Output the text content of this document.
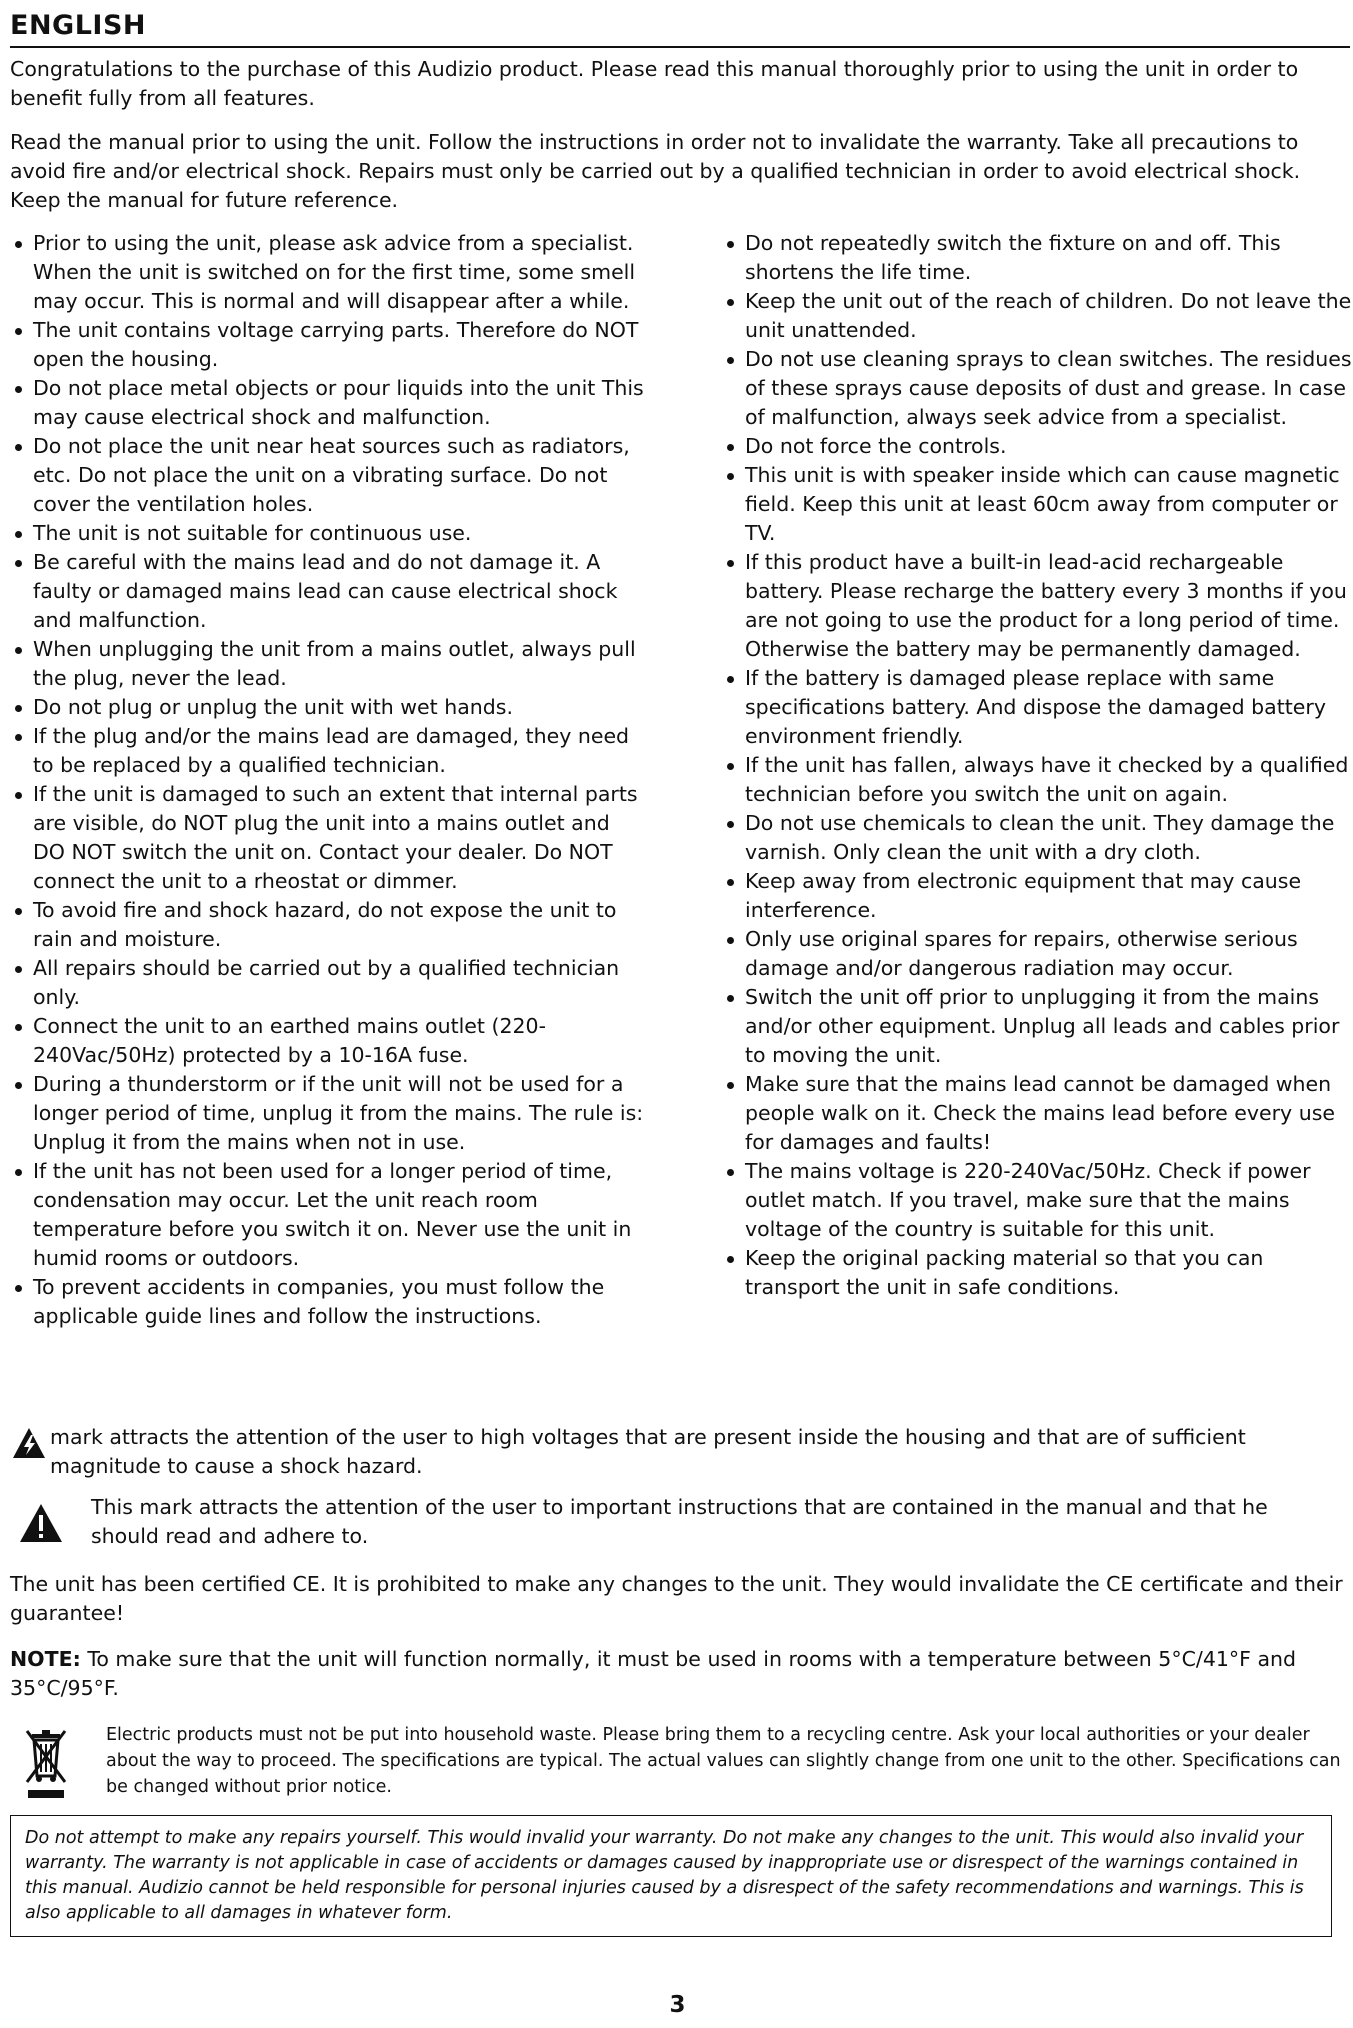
ENGLISH

Congratulations to the purchase of this Audizio product. Please read this manual thoroughly prior to using the unit in order to benefit fully from all features.

Read the manual prior to using the unit. Follow the instructions in order not to invalidate the warranty. Take all precautions to avoid fire and/or electrical shock. Repairs must only be carried out by a qualified technician in order to avoid electrical shock. Keep the manual for future reference.

Prior to using the unit, please ask advice from a specialist. When the unit is switched on for the first time, some smell may occur. This is normal and will disappear after a while.
The unit contains voltage carrying parts. Therefore do NOT open the housing.
Do not place metal objects or pour liquids into the unit This may cause electrical shock and malfunction.
Do not place the unit near heat sources such as radiators, etc. Do not place the unit on a vibrating surface. Do not cover the ventilation holes.
The unit is not suitable for continuous use.
Be careful with the mains lead and do not damage it. A faulty or damaged mains lead can cause electrical shock and malfunction.
When unplugging the unit from a mains outlet, always pull the plug, never the lead.
Do not plug or unplug the unit with wet hands.
If the plug and/or the mains lead are damaged, they need to be replaced by a qualified technician.
If the unit is damaged to such an extent that internal parts are visible, do NOT plug the unit into a mains outlet and DO NOT switch the unit on. Contact your dealer. Do NOT connect the unit to a rheostat or dimmer.
To avoid fire and shock hazard, do not expose the unit to rain and moisture.
All repairs should be carried out by a qualified technician only.
Connect the unit to an earthed mains outlet (220-240Vac/50Hz) protected by a 10-16A fuse.
During a thunderstorm or if the unit will not be used for a longer period of time, unplug it from the mains. The rule is: Unplug it from the mains when not in use.
If the unit has not been used for a longer period of time, condensation may occur. Let the unit reach room temperature before you switch it on. Never use the unit in humid rooms or outdoors.
To prevent accidents in companies, you must follow the applicable guide lines and follow the instructions.
Do not repeatedly switch the fixture on and off. This shortens the life time.
Keep the unit out of the reach of children. Do not leave the unit unattended.
Do not use cleaning sprays to clean switches. The residues of these sprays cause deposits of dust and grease. In case of malfunction, always seek advice from a specialist.
Do not force the controls.
This unit is with speaker inside which can cause magnetic field. Keep this unit at least 60cm away from computer or TV.
If this product have a built-in lead-acid rechargeable battery. Please recharge the battery every 3 months if you are not going to use the product for a long period of time. Otherwise the battery may be permanently damaged.
If the battery is damaged please replace with same specifications battery. And dispose the damaged battery environment friendly.
If the unit has fallen, always have it checked by a qualified technician before you switch the unit on again.
Do not use chemicals to clean the unit. They damage the varnish. Only clean the unit with a dry cloth.
Keep away from electronic equipment that may cause interference.
Only use original spares for repairs, otherwise serious damage and/or dangerous radiation may occur.
Switch the unit off prior to unplugging it from the mains and/or other equipment. Unplug all leads and cables prior to moving the unit.
Make sure that the mains lead cannot be damaged when people walk on it. Check the mains lead before every use for damages and faults!
The mains voltage is 220-240Vac/50Hz. Check if power outlet match. If you travel, make sure that the mains voltage of the country is suitable for this unit.
Keep the original packing material so that you can transport the unit in safe conditions.
mark attracts the attention of the user to high voltages that are present inside the housing and that are of sufficient magnitude to cause a shock hazard.
This mark attracts the attention of the user to important instructions that are contained in the manual and that he should read and adhere to.

The unit has been certified CE. It is prohibited to make any changes to the unit. They would invalidate the CE certificate and their guarantee!

NOTE: To make sure that the unit will function normally, it must be used in rooms with a temperature between 5°C/41°F and 35°C/95°F.

Electric products must not be put into household waste. Please bring them to a recycling centre. Ask your local authorities or your dealer about the way to proceed. The specifications are typical. The actual values can slightly change from one unit to the other. Specifications can be changed without prior notice.
Do not attempt to make any repairs yourself. This would invalid your warranty. Do not make any changes to the unit. This would also invalid your warranty. The warranty is not applicable in case of accidents or damages caused by inappropriate use or disrespect of the warnings contained in this manual. Audizio cannot be held responsible for personal injuries caused by a disrespect of the safety recommendations and warnings. This is also applicable to all damages in whatever form.
3
